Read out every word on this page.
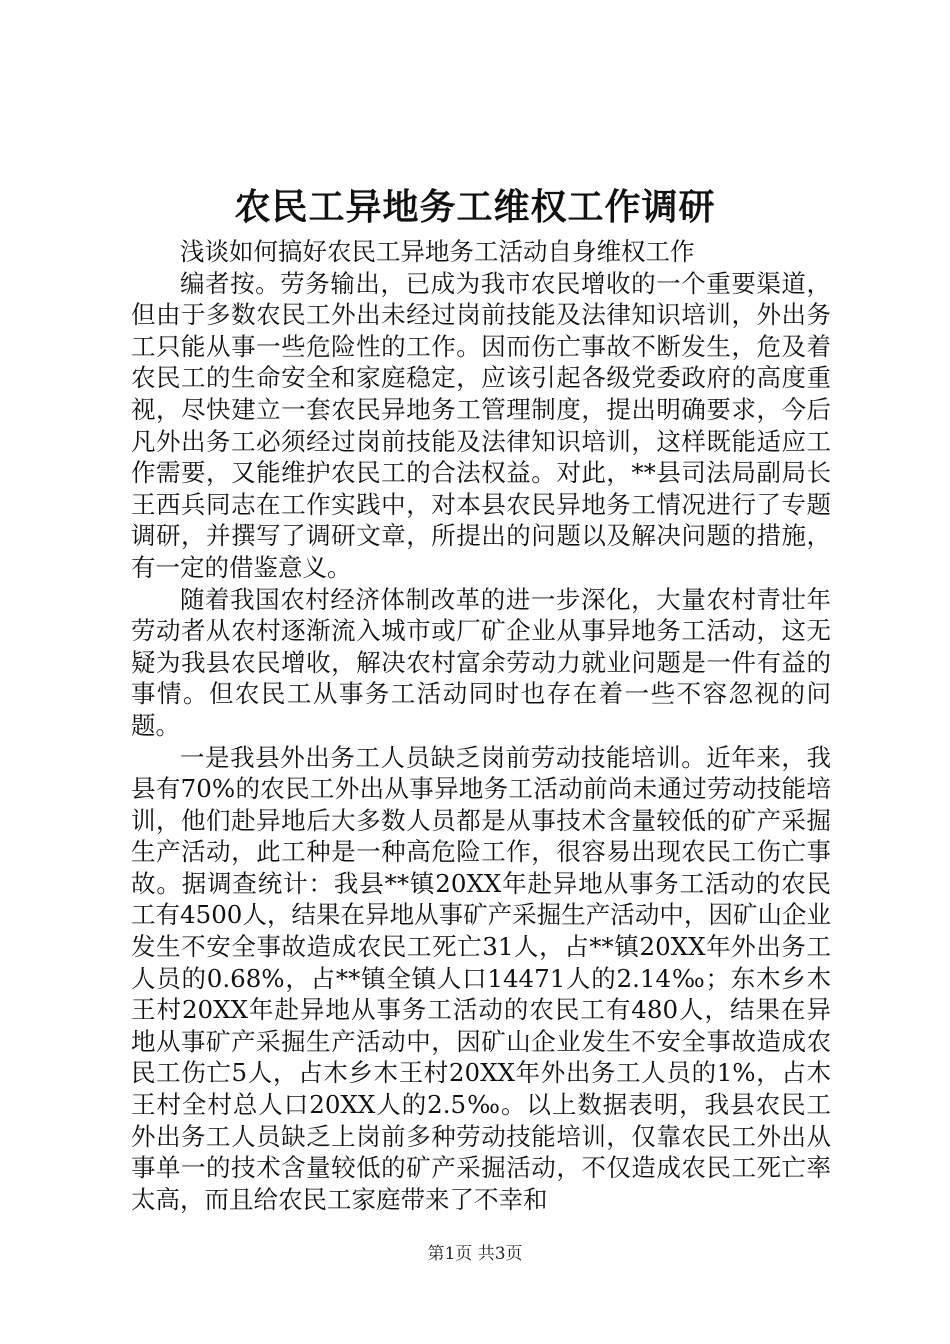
农民工异地务工维权工作调研

浅谈如何搞好农民工异地务工活动自身维权工作

编者按。劳务输出，已成为我市农民增收的一个重要渠道，但由于多数农民工外出未经过岗前技能及法律知识培训，外出务工只能从事一些危险性的工作。因而伤亡事故不断发生，危及着农民工的生命安全和家庭稳定，应该引起各级党委政府的高度重视，尽快建立一套农民异地务工管理制度，提出明确要求，今后凡外出务工必须经过岗前技能及法律知识培训，这样既能适应工作需要，又能维护农民工的合法权益。对此，**县司法局副局长王西兵同志在工作实践中，对本县农民异地务工情况进行了专题调研，并撰写了调研文章，所提出的问题以及解决问题的措施，有一定的借鉴意义。

随着我国农村经济体制改革的进一步深化，大量农村青壮年劳动者从农村逐渐流入城市或厂矿企业从事异地务工活动，这无疑为我县农民增收，解决农村富余劳动力就业问题是一件有益的事情。但农民工从事务工活动同时也存在着一些不容忽视的问题。

一是我县外出务工人员缺乏岗前劳动技能培训。近年来，我县有70%的农民工外出从事异地务工活动前尚未通过劳动技能培训，他们赴异地后大多数人员都是从事技术含量较低的矿产采掘生产活动，此工种是一种高危险工作，很容易出现农民工伤亡事故。据调查统计：我县**镇20XX年赴异地从事务工活动的农民工有4500人，结果在异地从事矿产采掘生产活动中，因矿山企业发生不安全事故造成农民工死亡31人，占**镇20XX年外出务工人员的0.68%，占**镇全镇人口14471人的2.14‰；东木乡木王村20XX年赴异地从事务工活动的农民工有480人，结果在异地从事矿产采掘生产活动中，因矿山企业发生不安全事故造成农民工伤亡5人，占木乡木王村20XX年外出务工人员的1%，占木王村全村总人口20XX人的2.5‰。以上数据表明，我县农民工外出务工人员缺乏上岗前多种劳动技能培训，仅靠农民工外出从事单一的技术含量较低的矿产采掘活动，不仅造成农民工死亡率太高，而且给农民工家庭带来了不幸和

第1页 共3页
